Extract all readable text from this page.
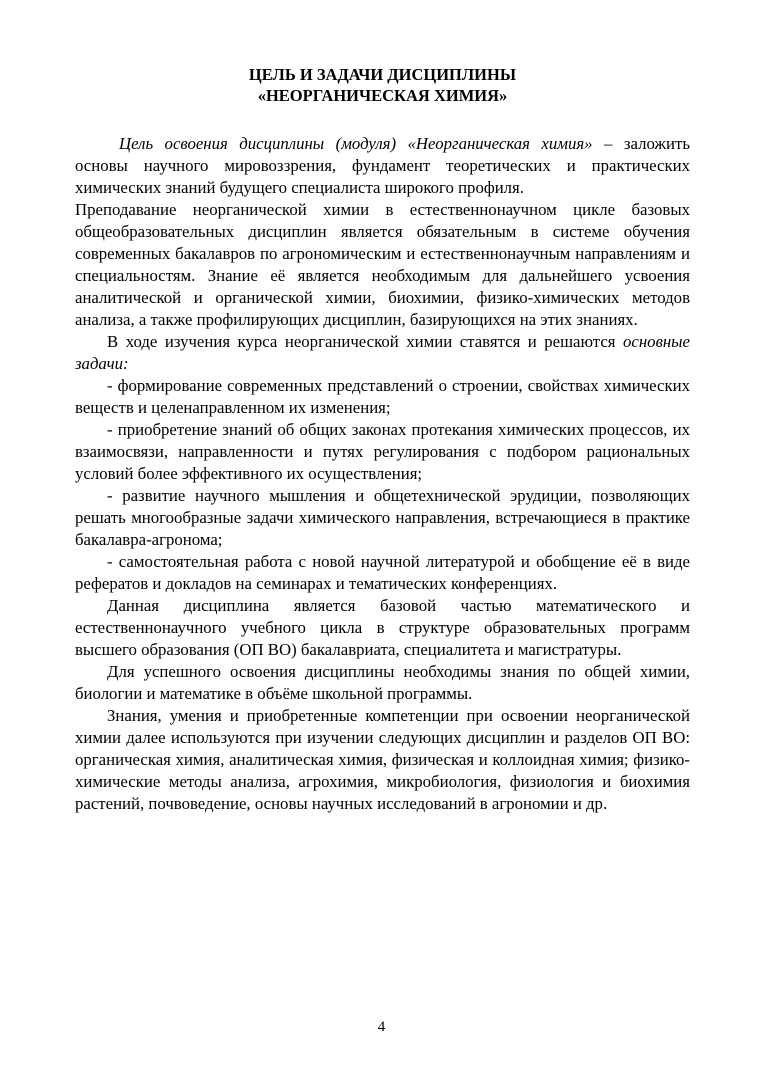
ЦЕЛЬ И ЗАДАЧИ ДИСЦИПЛИНЫ
«НЕОРГАНИЧЕСКАЯ ХИМИЯ»

Цель освоения дисциплины (модуля) «Неорганическая химия» – заложить основы научного мировоззрения, фундамент теоретических и практических химических знаний будущего специалиста широкого профиля.

Преподавание неорганической химии в естественнонаучном цикле базовых общеобразовательных дисциплин является обязательным в системе обучения современных бакалавров по агрономическим и естественнонаучным направлениям и специальностям. Знание её является необходимым для дальнейшего усвоения аналитической и органической химии, биохимии, физико-химических методов анализа, а также профилирующих дисциплин, базирующихся на этих знаниях.

В ходе изучения курса неорганической химии ставятся и решаются основные задачи:

- формирование современных представлений о строении, свойствах химических веществ и целенаправленном их изменения;

- приобретение знаний об общих законах протекания химических процессов, их взаимосвязи, направленности и путях регулирования с подбором рациональных условий более эффективного их осуществления;

- развитие научного мышления и общетехнической эрудиции, позволяющих решать многообразные задачи химического направления, встречающиеся в практике бакалавра-агронома;

- самостоятельная работа с новой научной литературой и обобщение её в виде рефератов и докладов на семинарах и тематических конференциях.

Данная дисциплина является базовой частью математического и естественнонаучного учебного цикла в структуре образовательных программ высшего образования (ОП ВО) бакалавриата, специалитета и магистратуры.

Для успешного освоения дисциплины необходимы знания по общей химии, биологии и математике в объёме школьной программы.

Знания, умения и приобретенные компетенции при освоении неорганической химии далее используются при изучении следующих дисциплин и разделов ОП ВО: органическая химия, аналитическая химия, физическая и коллоидная химия; физико-химические методы анализа, агрохимия, микробиология, физиология и биохимия растений, почвоведение, основы научных исследований в агрономии и др.

4
